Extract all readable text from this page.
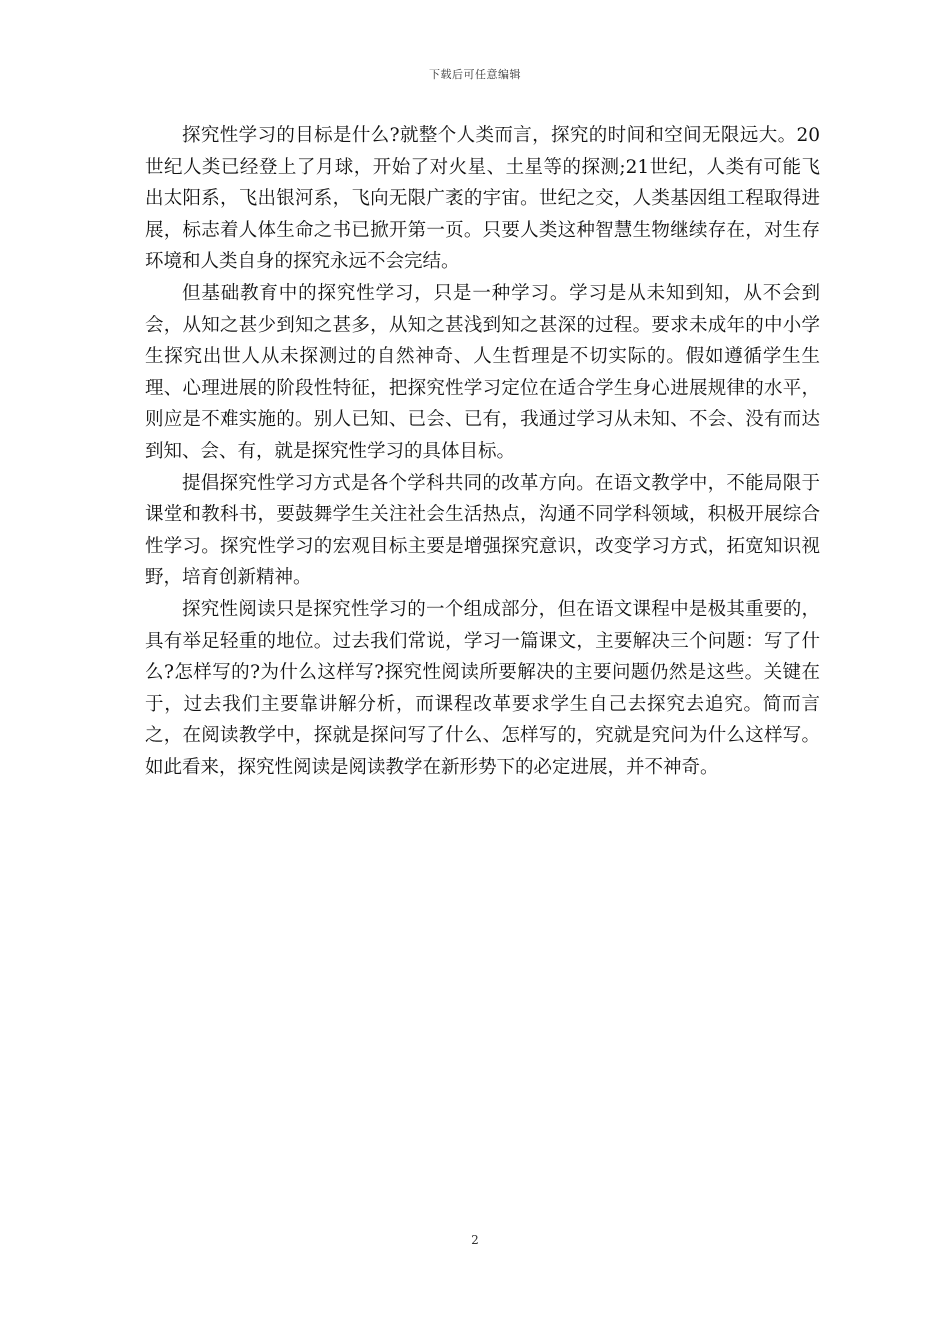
下载后可任意编辑

探究性学习的目标是什么?就整个人类而言，探究的时间和空间无限远大。20世纪人类已经登上了月球，开始了对火星、土星等的探测;21世纪，人类有可能飞出太阳系，飞出银河系，飞向无限广袤的宇宙。世纪之交，人类基因组工程取得进展，标志着人体生命之书已掀开第一页。只要人类这种智慧生物继续存在，对生存环境和人类自身的探究永远不会完结。

但基础教育中的探究性学习，只是一种学习。学习是从未知到知，从不会到会，从知之甚少到知之甚多，从知之甚浅到知之甚深的过程。要求未成年的中小学生探究出世人从未探测过的自然神奇、人生哲理是不切实际的。假如遵循学生生理、心理进展的阶段性特征，把探究性学习定位在适合学生身心进展规律的水平，则应是不难实施的。别人已知、已会、已有，我通过学习从未知、不会、没有而达到知、会、有，就是探究性学习的具体目标。

提倡探究性学习方式是各个学科共同的改革方向。在语文教学中，不能局限于课堂和教科书，要鼓舞学生关注社会生活热点，沟通不同学科领域，积极开展综合性学习。探究性学习的宏观目标主要是增强探究意识，改变学习方式，拓宽知识视野，培育创新精神。

探究性阅读只是探究性学习的一个组成部分，但在语文课程中是极其重要的，具有举足轻重的地位。过去我们常说，学习一篇课文，主要解决三个问题：写了什么?怎样写的?为什么这样写?探究性阅读所要解决的主要问题仍然是这些。关键在于，过去我们主要靠讲解分析，而课程改革要求学生自己去探究去追究。简而言之，在阅读教学中，探就是探问写了什么、怎样写的，究就是究问为什么这样写。如此看来，探究性阅读是阅读教学在新形势下的必定进展，并不神奇。

2
